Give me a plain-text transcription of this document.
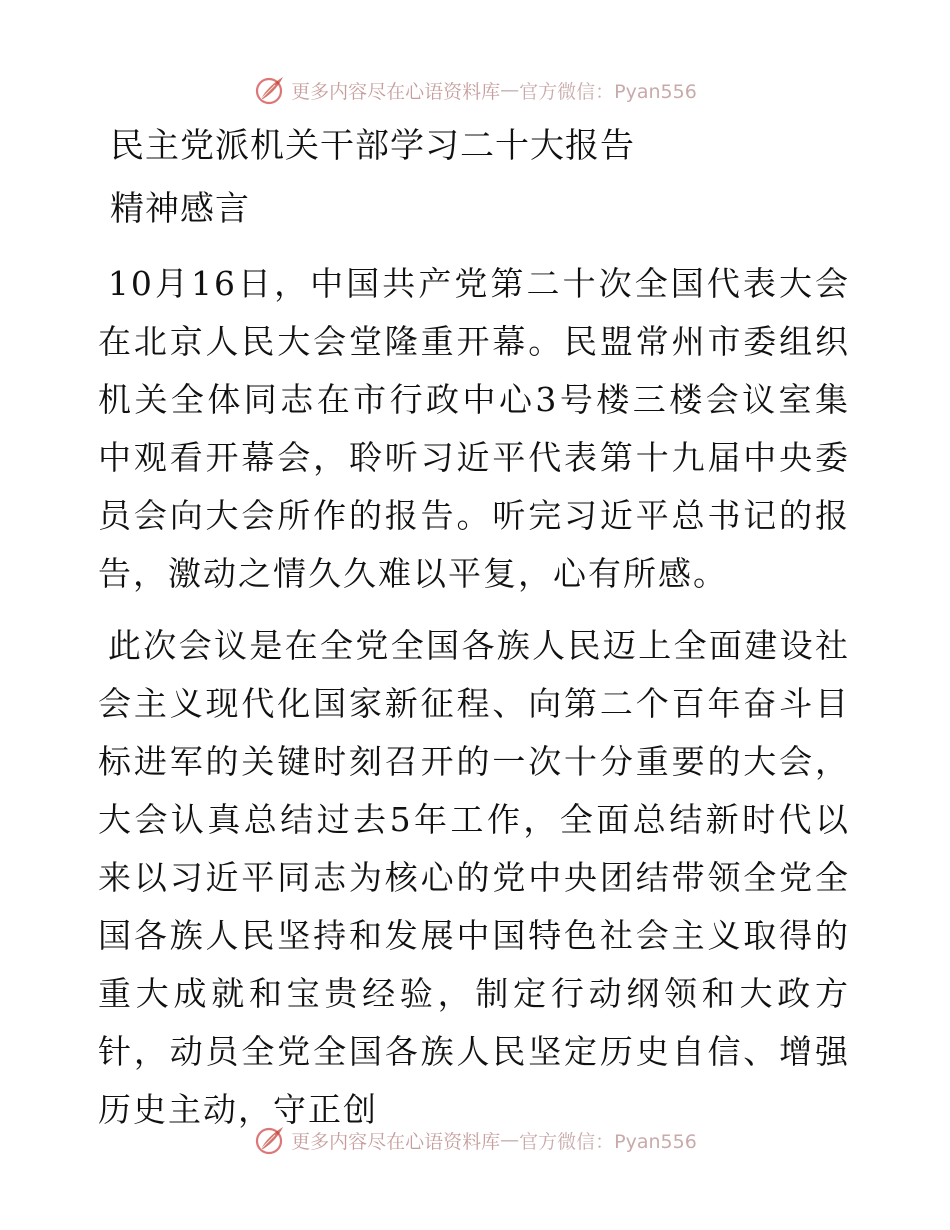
更多内容尽在心语资料库 — 官方微信：Pyan556

民主党派机关干部学习二十大报告

精神感言

10月16日，中国共产党第二十次全国代表大会在北京人民大会堂隆重开幕。民盟常州市委组织机关全体同志在市行政中心3号楼三楼会议室集中观看开幕会，聆听习近平代表第十九届中央委员会向大会所作的报告。听完习近平总书记的报告，激动之情久久难以平复，心有所感。

此次会议是在全党全国各族人民迈上全面建设社会主义现代化国家新征程、向第二个百年奋斗目标进军的关键时刻召开的一次十分重要的大会，大会认真总结过去5年工作，全面总结新时代以来以习近平同志为核心的党中央团结带领全党全国各族人民坚持和发展中国特色社会主义取得的重大成就和宝贵经验，制定行动纲领和大政方针，动员全党全国各族人民坚定历史自信、增强历史主动，守正创

更多内容尽在心语资料库 — 官方微信：Pyan556
